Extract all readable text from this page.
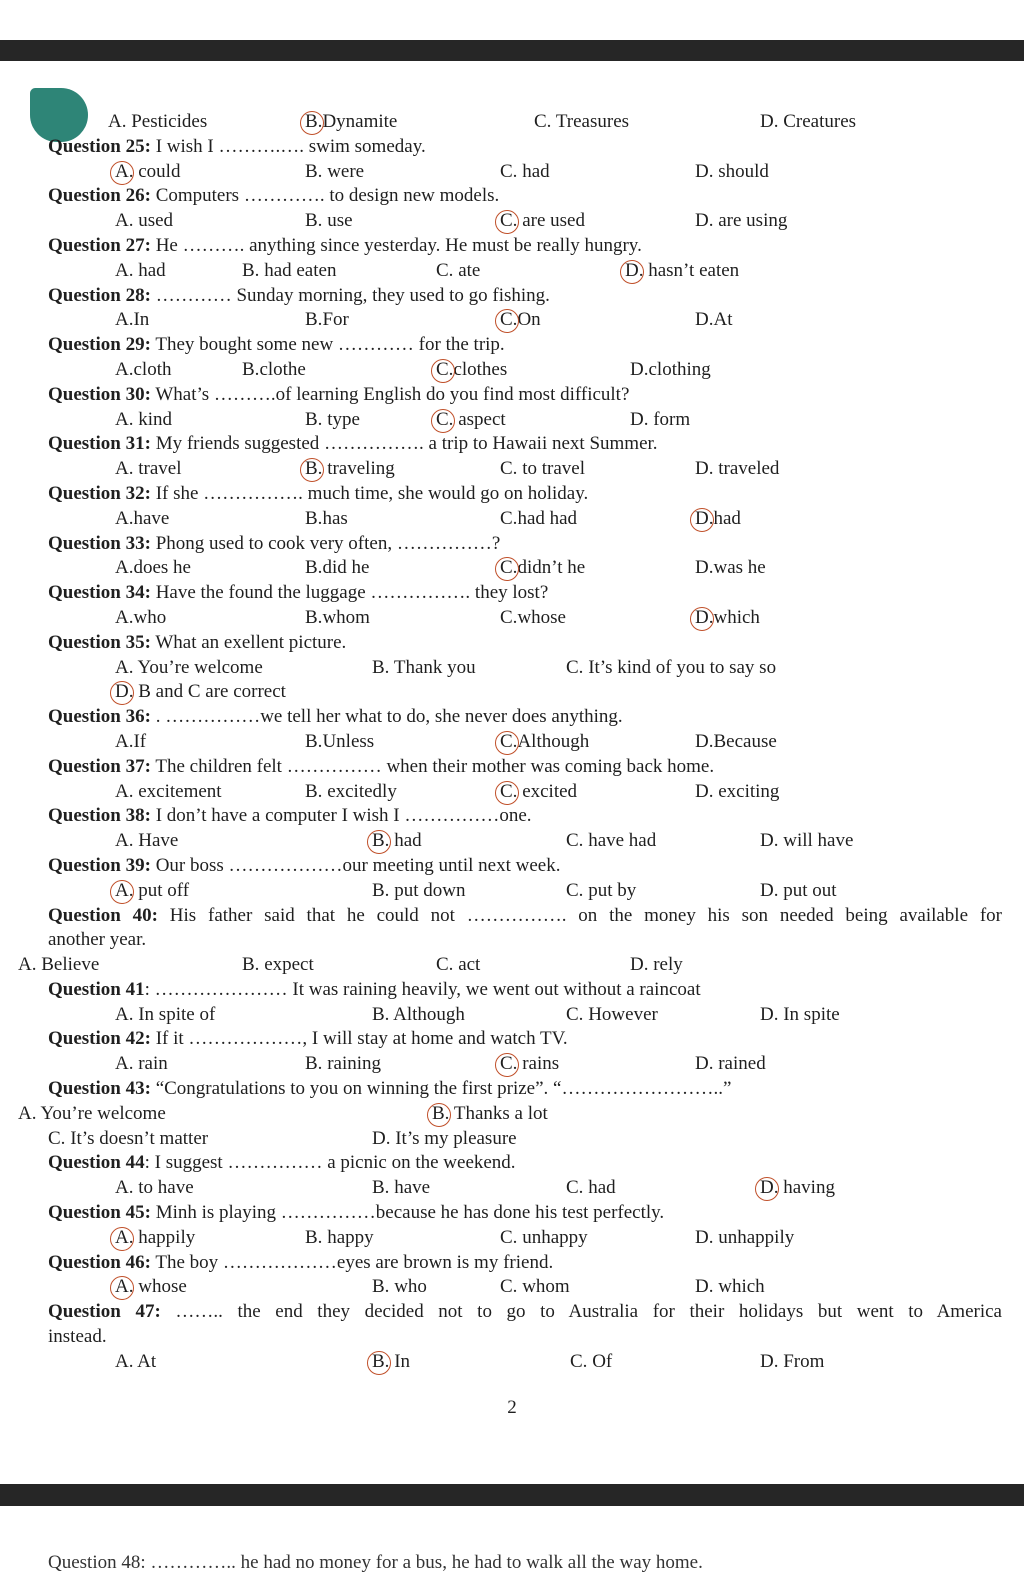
A. Pesticides	B.Dynamite	C. Treasures	D. Creatures
Question 25: I wish I ……….…. swim someday.
A. could	B. were	C. had	D. should
Question 26: Computers …………. to design new models.
A. used	B. use	C. are used	D. are using
Question 27: He ………. anything since yesterday. He must be really hungry.
A. had	B. had eaten	C. ate	D. hasn’t eaten
Question 28: ………… Sunday morning, they used to go fishing.
A.In	B.For	C.On	D.At
Question 29: They bought some new ………… for the trip.
A.cloth	B.clothe	C.clothes	D.clothing
Question 30: What’s ……….of learning English do you find most difficult?
A. kind	B. type	C. aspect	D. form
Question 31: My friends suggested ……………. a trip to Hawaii next Summer.
A. travel	B. traveling	C. to travel	D. traveled
Question 32: If she ……………. much time, she would go on holiday.
A.have	B.has	C.had had	D.had
Question 33: Phong used to cook very often, ……………?
A.does he	B.did he	C.didn’t he	D.was he
Question 34: Have the found the luggage ……………. they lost?
A.who	B.whom	C.whose	D.which
Question 35: What an exellent picture.
A. You’re welcome	B. Thank you	C. It’s kind of you to say so
D. B and C are correct
Question 36: . ……………we tell her what to do, she never does anything.
A.If	B.Unless	C.Although	D.Because
Question 37: The children felt …………… when their mother was coming back home.
A. excitement	B. excitedly	C. excited	D. exciting
Question 38: I don’t have a computer I wish I ……………one.
A. Have	B. had	C. have had	D. will have
Question 39: Our boss ………………our meeting until next week.
A. put off	B. put down	C. put by	D. put out
Question 40: His father said that he could not ……………. on the money his son needed being available for
another year.
A. Believe	B. expect	C. act	D. rely
Question 41: ………………… It was raining heavily, we went out without a raincoat
A. In spite of	B. Although	C. However	D. In spite
Question 42: If it ………………, I will stay at home and watch TV.
A. rain	B. raining	C. rains	D. rained
Question 43: “Congratulations to you on winning the first prize”. “……………………..”
A. You’re welcome	B. Thanks a lot
C. It’s doesn’t matter	D. It’s my pleasure
Question 44: I suggest …………… a picnic on the weekend.
A. to have	B. have	C. had	D. having
Question 45: Minh is playing ……………because he has done his test perfectly.
A. happily	B. happy	C. unhappy	D. unhappily
Question 46: The boy ………………eyes are brown is my friend.
A. whose	B. who	C. whom	D. which
Question 47: …….. the end they decided not to go to Australia for their holidays but went to America
instead.
A. At	B. In	C. Of	D. From
2
Question 48: ………….. he had no money for a bus, he had to walk all the way home.
